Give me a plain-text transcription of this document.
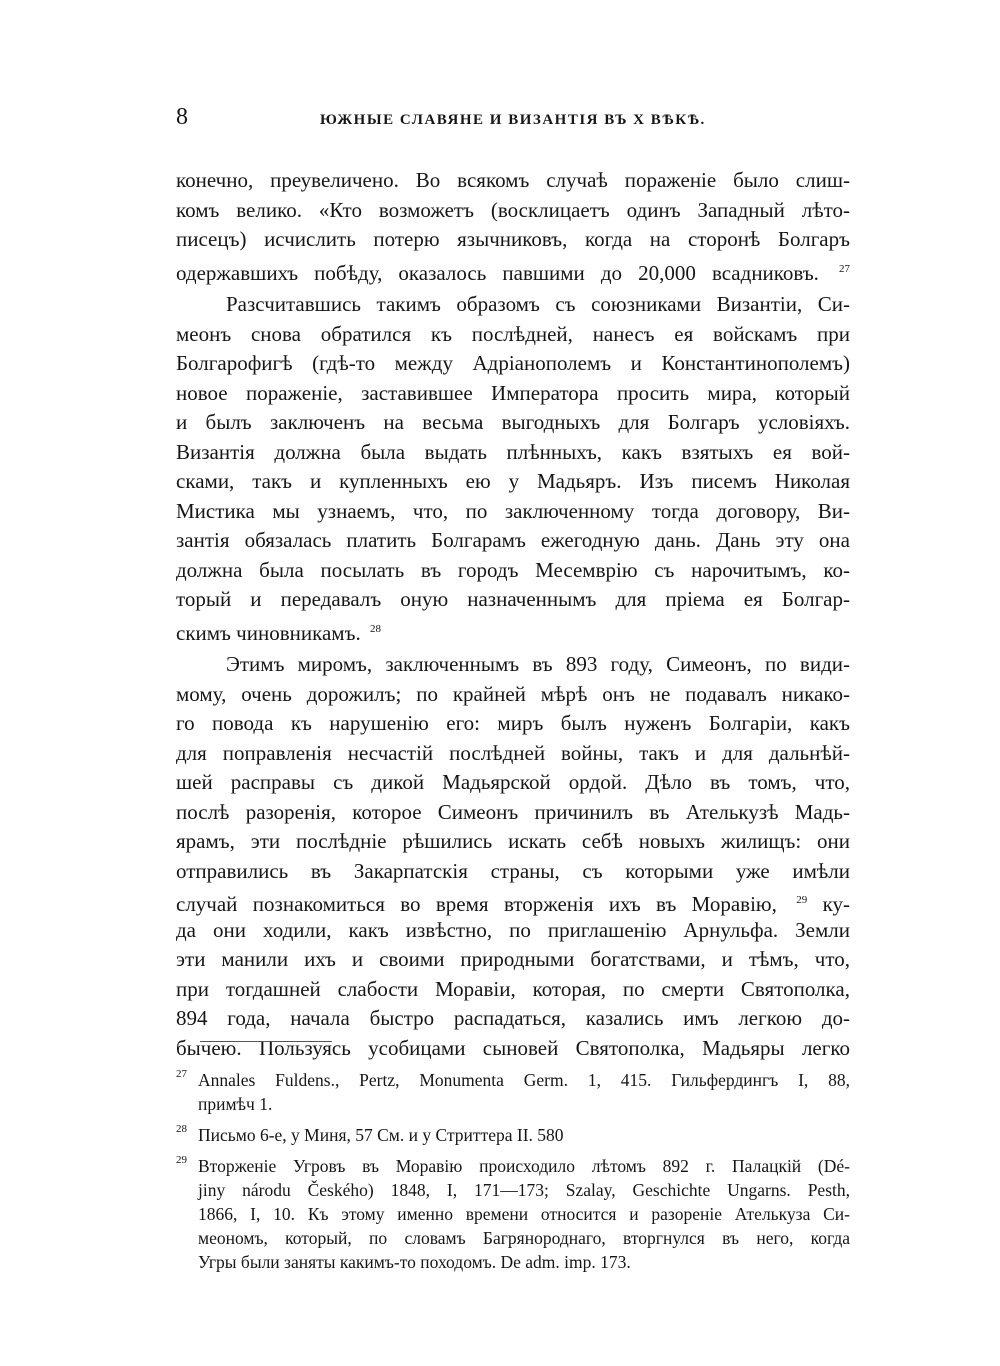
8	ЮЖНЫЕ СЛАВЯНЕ И ВИЗАНТІЯ ВЪ X ВѢКѢ.
конечно, преувеличено. Во всякомъ случаѣ пораженіе было слиш-
комъ велико. «Кто возможетъ (восклицаетъ одинъ Западный лѣто-
писецъ) исчислить потерю язычниковъ, когда на сторонѣ Болгаръ
одержавшихъ побѣду, оказалось павшими до 20,000 всадниковъ. $^{27}$
Разсчитавшись такимъ образомъ съ союзниками Византіи, Си-
меонъ снова обратился къ послѣдней, нанесъ ея войскамъ при
Болгарофигѣ (гдѣ-то между Адріанополемъ и Константинополемъ)
новое пораженіе, заставившее Императора просить мира, который
и былъ заключенъ на весьма выгодныхъ для Болгаръ условіяхъ.
Византія должна была выдать плѣнныхъ, какъ взятыхъ ея вой-
сками, такъ и купленныхъ ею у Мадьяръ. Изъ писемъ Николая
Мистика мы узнаемъ, что, по заключенному тогда договору, Ви-
зантія обязалась платить Болгарамъ ежегодную дань. Дань эту она
должна была посылать въ городъ Месемврію съ нарочитымъ, ко-
торый и передавалъ оную назначеннымъ для пріема ея Болгар-
скимъ чиновникамъ. $^{28}$
Этимъ миромъ, заключеннымъ въ 893 году, Симеонъ, по види-
мому, очень дорожилъ; по крайней мѣрѣ онъ не подавалъ никако-
го повода къ нарушенію его: миръ былъ нуженъ Болгаріи, какъ
для поправленія несчастій послѣдней войны, такъ и для дальнѣй-
шей расправы съ дикой Мадьярской ордой. Дѣло въ томъ, что,
послѣ разоренія, которое Симеонъ причинилъ въ Ателькузѣ Мадь-
ярамъ, эти послѣдніе рѣшились искать себѣ новыхъ жилищъ: они
отправились въ Закарпатскія страны, съ которыми уже имѣли
случай познакомиться во время вторженія ихъ въ Моравію, $^{29}$ ку-
да они ходили, какъ извѣстно, по приглашенію Арнульфа. Земли
эти манили ихъ и своими природными богатствами, и тѣмъ, что,
при тогдашней слабости Моравіи, которая, по смерти Святополка,
894 года, начала быстро распадаться, казались имъ легкою до-
бычею. Пользуясь усобицами сыновей Святополка, Мадьяры легко
27 Annales Fuldens., Pertz, Monumenta Germ. 1, 415. Гильфердингъ I, 88,
примѣч 1.
28 Письмо 6-е, у Миня, 57 См. и у Стриттера II. 580
29 Вторженіе Угровъ въ Моравію происходило лѣтомъ 892 г. Палацкій (Dé-
jiny národu Českého) 1848, I, 171—173; Szalay, Geschichte Ungarns. Pesth,
1866, I, 10. Къ этому именно времени относится и разореніе Ателькуза Си-
меономъ, который, по словамъ Багрянороднаго, вторгнулся въ него, когда
Угры были заняты какимъ-то походомъ. De adm. imp. 173.
